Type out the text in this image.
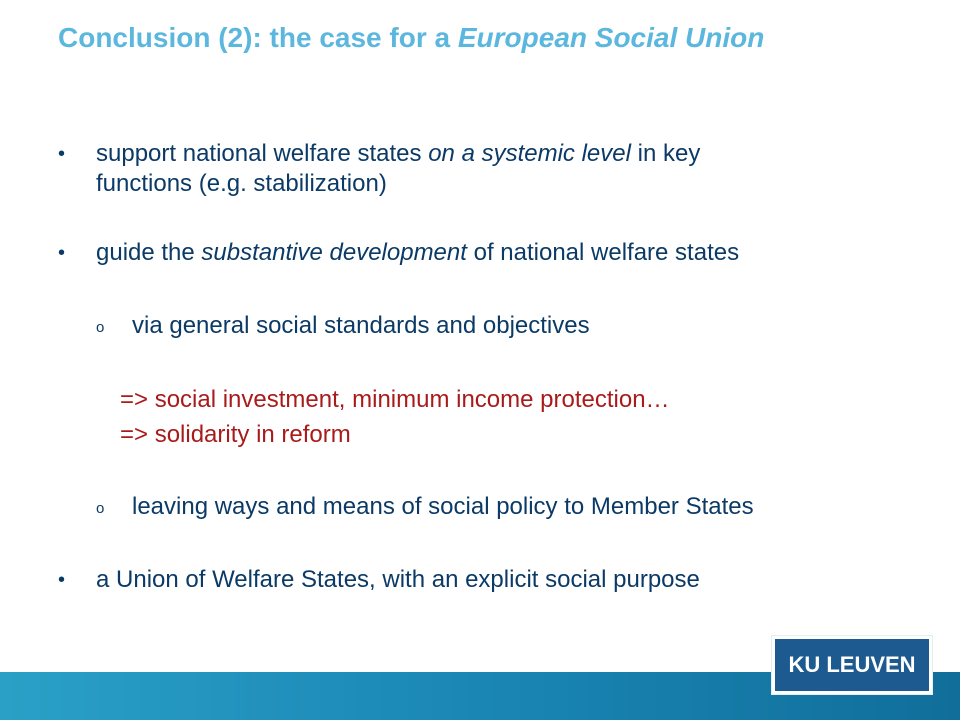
Conclusion (2): the case for a European Social Union
• support national welfare states on a systemic level in key
functions (e.g. stabilization)
• guide the substantive development of national welfare states
o via general social standards and objectives
=> social investment, minimum income protection…
=> solidarity in reform
o leaving ways and means of social policy to Member States
• a Union of Welfare States, with an explicit social purpose
KU LEUVEN
